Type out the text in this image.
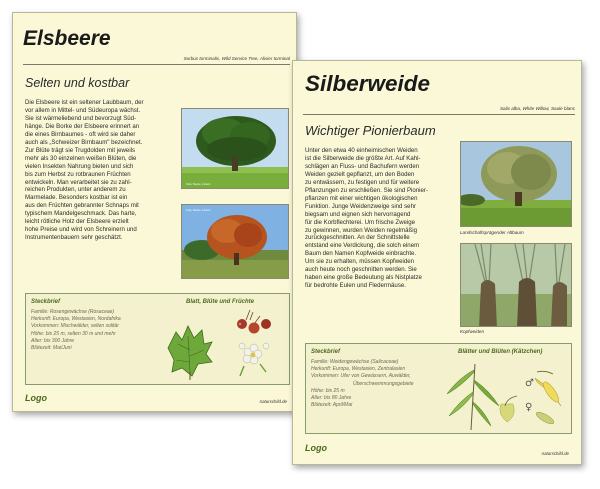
Elsbeere
Sorbus torminalis, Wild Service Tree, Alisier torminal
Selten und kostbar
Die Elsbeere ist ein seltener Laubbaum, der
vor allem in Mittel- und Südeuropa wächst.
Sie ist wärmeliebend und bevorzugt Süd-
hänge. Die Borke der Elsbeere erinnert an
die eines Birnbaumes - oft wird sie daher
auch als „Schweizer Birnbaum" bezeichnet.
Zur Blüte trägt sie Trugdolden mit jeweils
mehr als 30 einzelnen weißen Blüten, die
vielen Insekten Nahrung bieten und sich
bis zum Herbst zu rotbraunen Früchten
entwickeln. Man verarbeitet sie zu zahl-
reichen Produkten, unter anderem zu
Marmelade. Besonders kostbar ist ein
aus den Früchten gebrannter Schnaps mit
typischem Mandelgeschmack. Das harte,
leicht rötliche Holz der Elsbeere erzielt
hohe Preise und wird von Schreinern und
Instrumentenbauern sehr geschätzt.
Foto: Name, Lizenz
Foto: Name, Lizenz
Steckbrief	Blatt, Blüte und Früchte
Familie: Rosengewächse (Rosaceae)
Herkunft: Europa, Westasien, Nordafrika
Vorkommen: Mischwälder, selten solitär
Höhe: bis 25 m, selten 30 m und mehr
Alter: bis 300 Jahre
Blütezeit: Mai/Juni
Logo	naturschild.de
Silberweide
Salix alba, White Willow, Saule blanc
Wichtiger Pionierbaum
Unter den etwa 40 einheimischen Weiden
ist die Silberweide die größte Art. Auf Kahl-
schlägen an Fluss- und Bachufern werden
Weiden gezielt gepflanzt, um den Boden
zu entwässern, zu festigen und für weitere
Pflanzungen zu erschließen. Sie sind Pionier-
pflanzen mit einer wichtigen ökologischen
Funktion. Junge Weidenzweige sind sehr
biegsam und eignen sich hervorragend
für die Korbflechterei. Um frische Zweige
zu gewinnen, wurden Weiden regelmäßig
zurückgeschnitten. An der Schnittstelle
entstand eine Verdickung, die solch einem
Baum den Namen Kopfweide einbrachte.
Um sie zu erhalten, müssen Kopfweiden
auch heute noch geschnitten werden. Sie
haben eine große Bedeutung als Nistplatze
für bedrohte Eulen und Fledermäuse.
Landschaftsprägender Altbaum
Kopfweiden
Steckbrief	Blätter und Blüten (Kätzchen)
Familie: Weidengewächse (Salicaceae)
Herkunft: Europa, Westasien, Zentralasien
Vorkommen: Ufer von Gewässern, Auwälder,
Überschwemmungsgebiete
Höhe: bis 25 m
Alter: bis 80 Jahre
Blütezeit: April/Mai
♂
♀
Logo
naturschild.de
